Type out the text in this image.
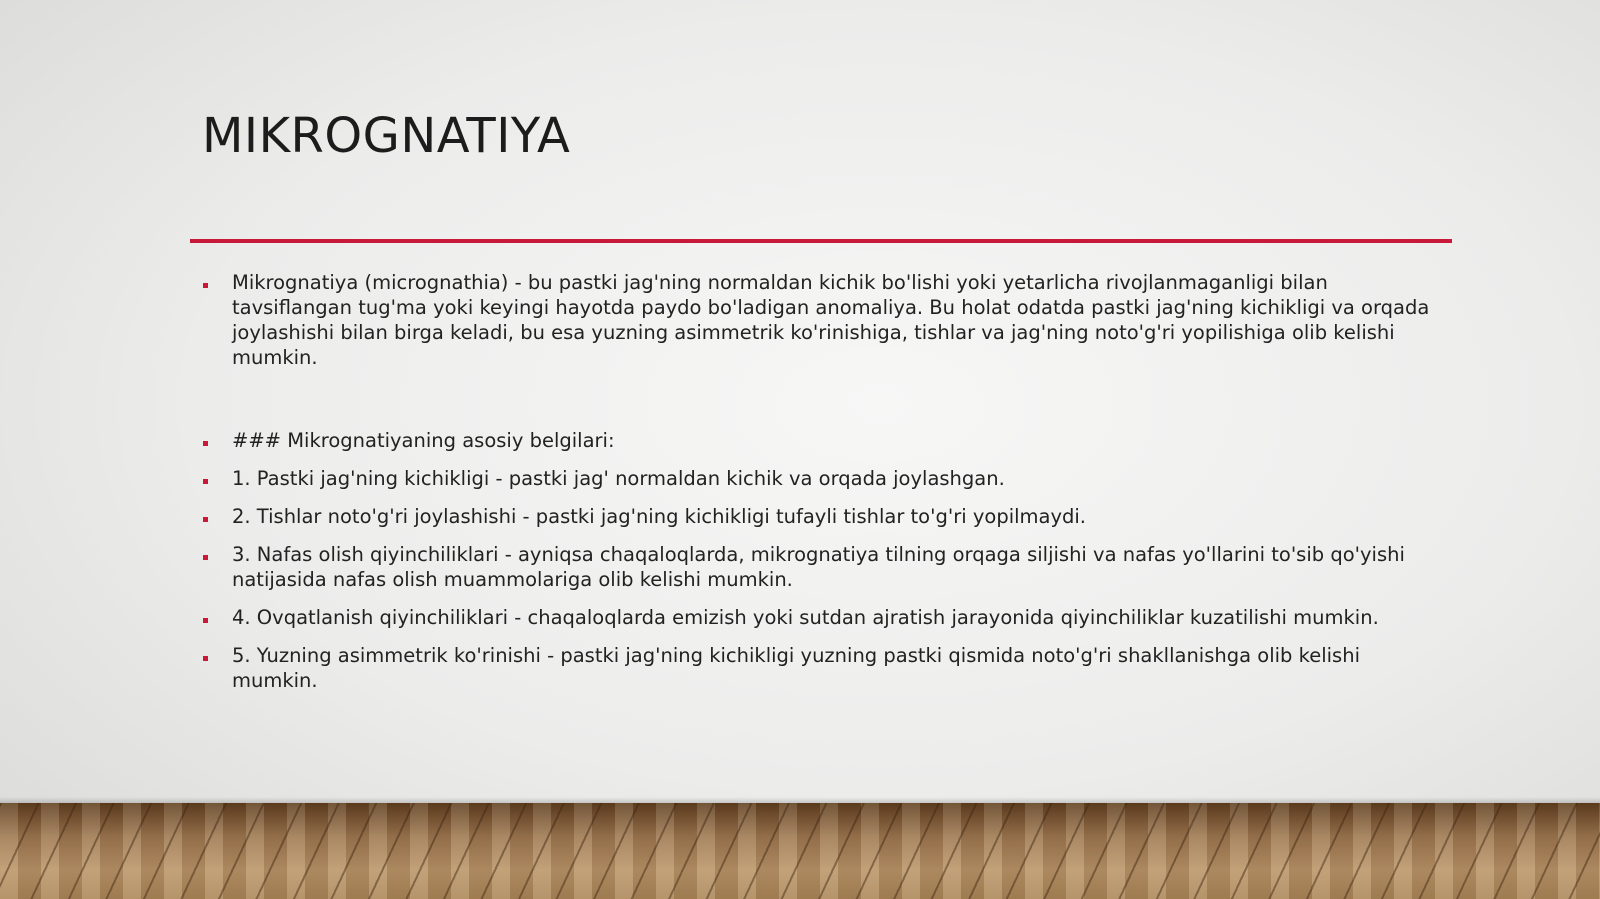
MIKROGNATIYA
Mikrognatiya (micrognathia) - bu pastki jag'ning normaldan kichik bo'lishi yoki yetarlicha rivojlanmaganligi bilan tavsiflangan tug'ma yoki keyingi hayotda paydo bo'ladigan anomaliya. Bu holat odatda pastki jag'ning kichikligi va orqada joylashishi bilan birga keladi, bu esa yuzning asimmetrik ko'rinishiga, tishlar va jag'ning noto'g'ri yopilishiga olib kelishi mumkin.
### Mikrognatiyaning asosiy belgilari:
1. Pastki jag'ning kichikligi - pastki jag' normaldan kichik va orqada joylashgan.
2. Tishlar noto'g'ri joylashishi - pastki jag'ning kichikligi tufayli tishlar to'g'ri yopilmaydi.
3. Nafas olish qiyinchiliklari - ayniqsa chaqaloqlarda, mikrognatiya tilning orqaga siljishi va nafas yo'llarini to'sib qo'yishi natijasida nafas olish muammolariga olib kelishi mumkin.
4. Ovqatlanish qiyinchiliklari - chaqaloqlarda emizish yoki sutdan ajratish jarayonida qiyinchiliklar kuzatilishi mumkin.
5. Yuzning asimmetrik ko'rinishi - pastki jag'ning kichikligi yuzning pastki qismida noto'g'ri shakllanishga olib kelishi mumkin.
